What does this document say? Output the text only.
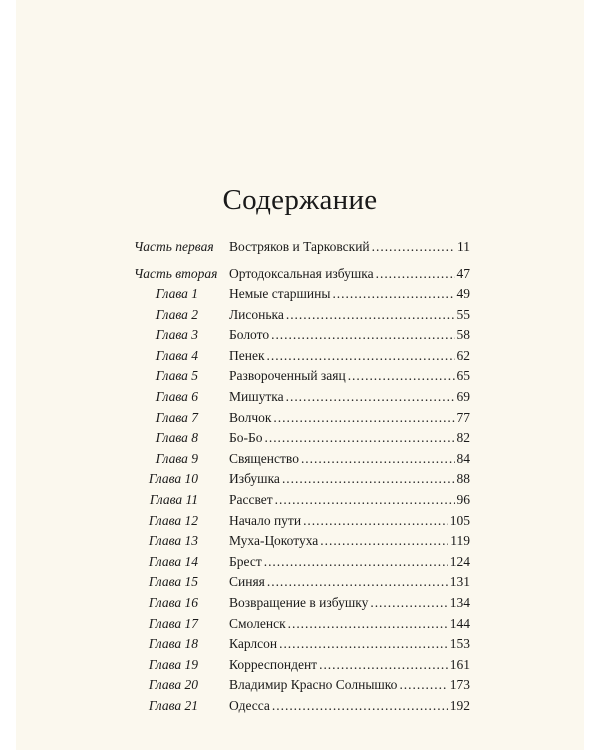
Содержание
Часть первая Востряков и Тарковский . . .	11
Часть вторая Ортодоксальная избушка . . .	47
Глава 1 Немые старшины . . .	49
Глава 2 Лисонька . . .	55
Глава 3 Болото . . .	58
Глава 4 Пенек . . .	62
Глава 5 Развороченный заяц . . .	65
Глава 6 Мишутка . . .	69
Глава 7 Волчок . . .	77
Глава 8 Бо-Бо . . .	82
Глава 9 Священство . . .	84
Глава 10 Избушка . . .	88
Глава 11 Рассвет . . .	96
Глава 12 Начало пути . . .	105
Глава 13 Муха-Цокотуха . . .	119
Глава 14 Брест . . .	124
Глава 15 Синяя . . .	131
Глава 16 Возвращение в избушку . . .	134
Глава 17 Смоленск . . .	144
Глава 18 Карлсон . . .	153
Глава 19 Корреспондент . . .	161
Глава 20 Владимир Красно Солнышко . . .	173
Глава 21 Одесса . . .	192
